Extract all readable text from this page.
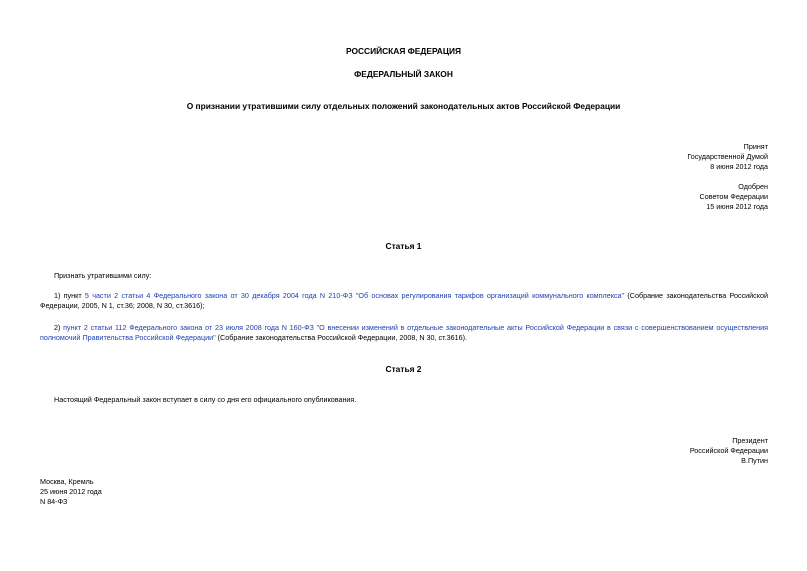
РОССИЙСКАЯ ФЕДЕРАЦИЯ
ФЕДЕРАЛЬНЫЙ ЗАКОН
О признании утратившими силу отдельных положений законодательных актов Российской Федерации
Принят
Государственной Думой
8 июня 2012 года
Одобрен
Советом Федерации
15 июня 2012 года
Статья 1
Признать утратившими силу:
1) пункт 5 части 2 статьи 4 Федерального закона от 30 декабря 2004 года N 210-ФЗ "Об основах регулирования тарифов организаций коммунального комплекса" (Собрание законодательства Российской Федерации, 2005, N 1, ст.36; 2008, N 30, ст.3616);
2) пункт 2 статьи 112 Федерального закона от 23 июля 2008 года N 160-ФЗ "О внесении изменений в отдельные законодательные акты Российской Федерации в связи с совершенствованием осуществления полномочий Правительства Российской Федерации" (Собрание законодательства Российской Федерации, 2008, N 30, ст.3616).
Статья 2
Настоящий Федеральный закон вступает в силу со дня его официального опубликования.
Президент
Российской Федерации
В.Путин
Москва, Кремль
25 июня 2012 года
N 84-ФЗ
